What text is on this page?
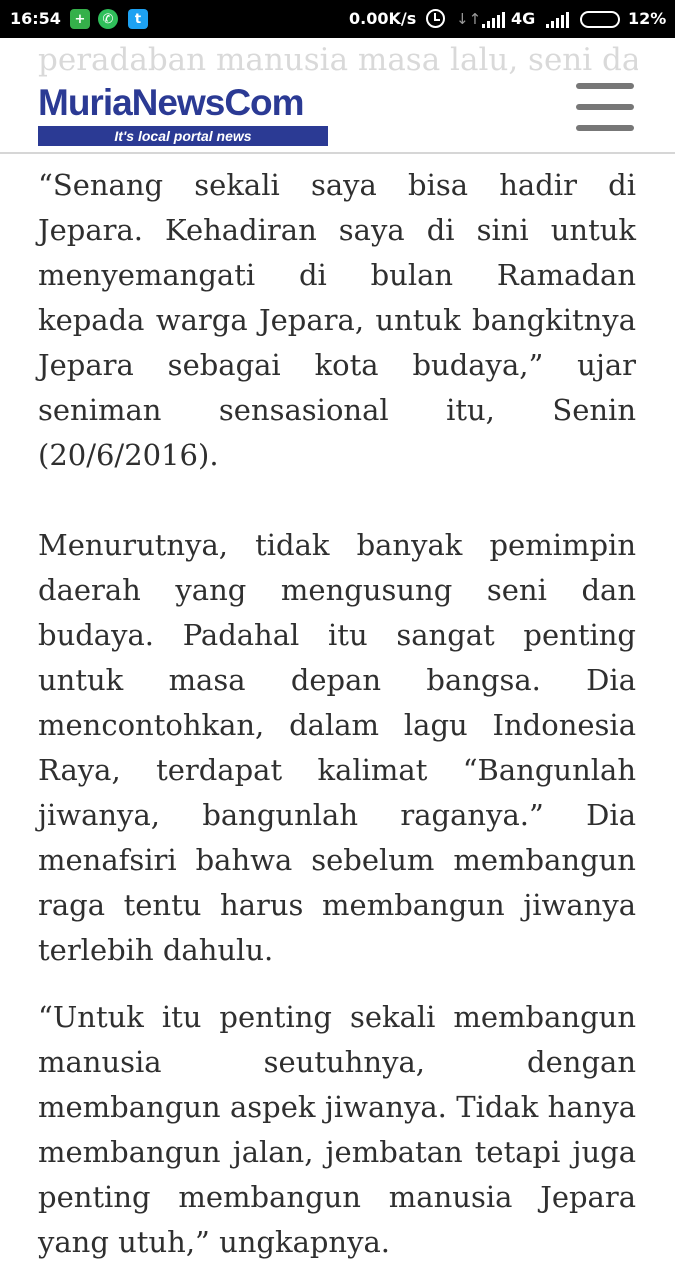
16:54	+	✆	t	0.00K/s	↓↑ 4G	12%
MuriaNewsCom
It's local portal news

“Senang sekali saya bisa hadir di Jepara. Kehadiran saya di sini untuk menyemangati di bulan Ramadan kepada warga Jepara, untuk bangkitnya Jepara sebagai kota budaya,” ujar seniman sensasional itu, Senin (20/6/2016).

Menurutnya, tidak banyak pemimpin daerah yang mengusung seni dan budaya. Padahal itu sangat penting untuk masa depan bangsa. Dia mencontohkan, dalam lagu Indonesia Raya, terdapat kalimat “Bangunlah jiwanya, bangunlah raganya.” Dia menafsiri bahwa sebelum membangun raga tentu harus membangun jiwanya terlebih dahulu.

“Untuk itu penting sekali membangun manusia seutuhnya, dengan membangun aspek jiwanya. Tidak hanya membangun jalan, jembatan tetapi juga penting membangun manusia Jepara yang utuh,” ungkapnya.
